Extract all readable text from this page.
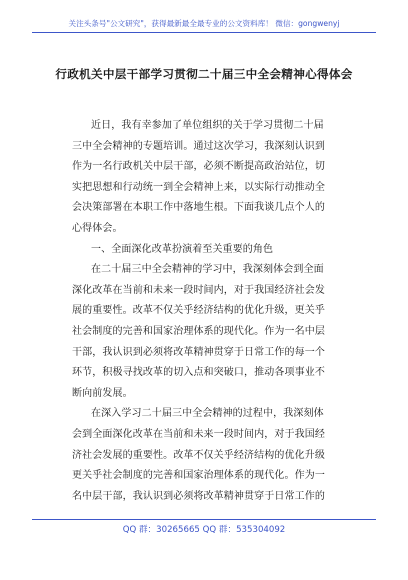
关注头条号"公文研究"，获得最新最全最专业的公文资料库！ 微信：gongwenyj
行政机关中层干部学习贯彻二十届三中全会精神心得体会
近日，我有幸参加了单位组织的关于学习贯彻二十届
三中全会精神的专题培训。通过这次学习，我深刻认识到
作为一名行政机关中层干部，必须不断提高政治站位，切
实把思想和行动统一到全会精神上来，以实际行动推动全
会决策部署在本职工作中落地生根。下面我谈几点个人的
心得体会。
一、全面深化改革扮演着至关重要的角色
在二十届三中全会精神的学习中，我深刻体会到全面
深化改革在当前和未来一段时间内，对于我国经济社会发
展的重要性。改革不仅关乎经济结构的优化升级，更关乎
社会制度的完善和国家治理体系的现代化。作为一名中层
干部，我认识到必须将改革精神贯穿于日常工作的每一个
环节，积极寻找改革的切入点和突破口，推动各项事业不
断向前发展。
在深入学习二十届三中全会精神的过程中，我深刻体
会到全面深化改革在当前和未来一段时间内，对于我国经
济社会发展的重要性。改革不仅关乎经济结构的优化升级
更关乎社会制度的完善和国家治理体系的现代化。作为一
名中层干部，我认识到必须将改革精神贯穿于日常工作的
QQ 群：30265665 QQ 群：535304092
